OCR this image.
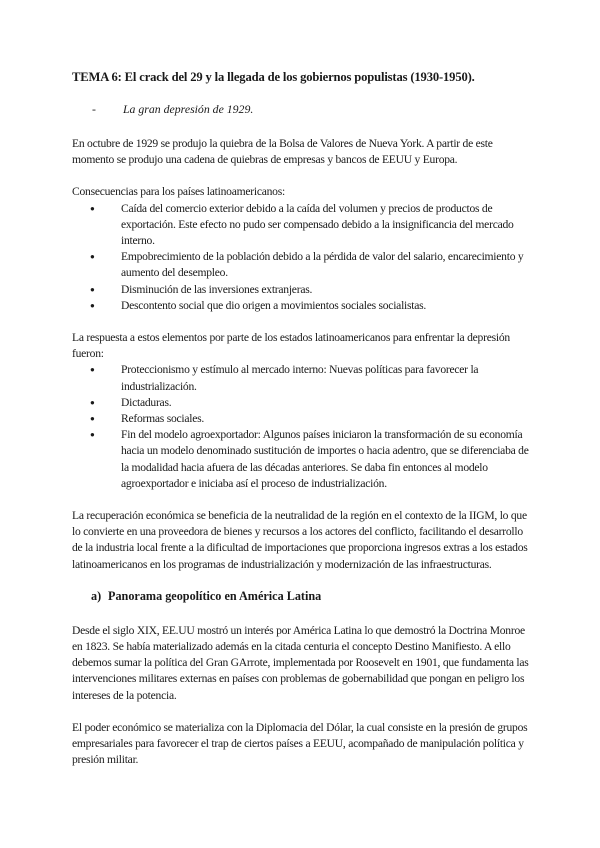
TEMA 6: El crack del 29 y la llegada de los gobiernos populistas (1930-1950).
- La gran depresión de 1929.

En octubre de 1929 se produjo la quiebra de la Bolsa de Valores de Nueva York. A partir de este momento se produjo una cadena de quiebras de empresas y bancos de EEUU y Europa.

Consecuencias para los países latinoamericanos:

● Caída del comercio exterior debido a la caída del volumen y precios de productos de exportación. Este efecto no pudo ser compensado debido a la insignificancia del mercado interno.
● Empobrecimiento de la población debido a la pérdida de valor del salario, encarecimiento y aumento del desempleo.
● Disminución de las inversiones extranjeras.
● Descontento social que dio origen a movimientos sociales socialistas.

La respuesta a estos elementos por parte de los estados latinoamericanos para enfrentar la depresión fueron:

● Proteccionismo y estímulo al mercado interno: Nuevas políticas para favorecer la industrialización.
● Dictaduras.
● Reformas sociales.
● Fin del modelo agroexportador: Algunos países iniciaron la transformación de su economía hacia un modelo denominado sustitución de importes o hacia adentro, que se diferenciaba de la modalidad hacia afuera de las décadas anteriores. Se daba fin entonces al modelo agroexportador e iniciaba así el proceso de industrialización.

La recuperación económica se beneficia de la neutralidad de la región en el contexto de la IIGM, lo que lo convierte en una proveedora de bienes y recursos a los actores del conflicto, facilitando el desarrollo de la industria local frente a la dificultad de importaciones que proporciona ingresos extras a los estados latinoamericanos en los programas de industrialización y modernización de las infraestructuras.

a) Panorama geopolítico en América Latina

Desde el siglo XIX, EE.UU mostró un interés por América Latina lo que demostró la Doctrina Monroe en 1823. Se había materializado además en la citada centuria el concepto Destino Manifiesto. A ello debemos sumar la política del Gran GArrote, implementada por Roosevelt en 1901, que fundamenta las intervenciones militares externas en países con problemas de gobernabilidad que pongan en peligro los intereses de la potencia.

El poder económico se materializa con la Diplomacia del Dólar, la cual consiste en la presión de grupos empresariales para favorecer el trap de ciertos países a EEUU, acompañado de manipulación política y presión militar.
